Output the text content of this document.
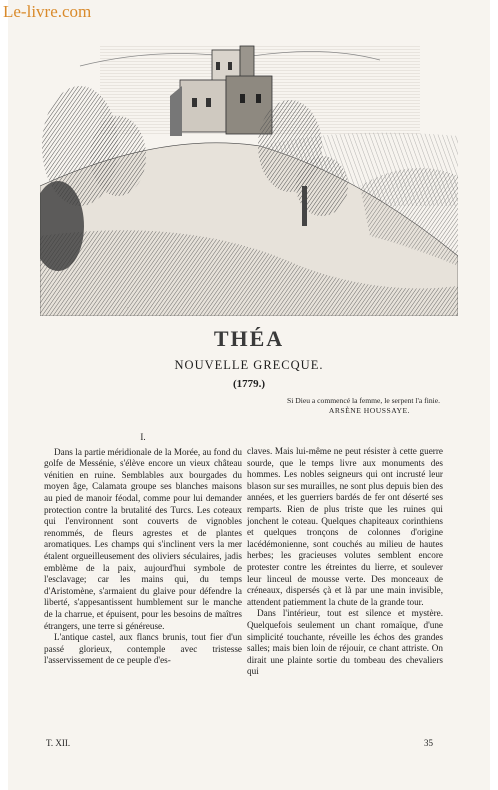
Le-livre.com
THÉA
NOUVELLE GRECQUE.
(1779.)
Si Dieu a commencé la femme, le serpent l'a finie.
ARSÈNE HOUSSAYE.
I.

Dans la partie méridionale de la Morée, au fond du golfe de Messénie, s'élève encore un vieux château vénitien en ruine. Semblables aux bourgades du moyen âge, Calamata groupe ses blanches maisons au pied de manoir féodal, comme pour lui demander protection contre la brutalité des Turcs. Les coteaux qui l'environnent sont couverts de vignobles renommés, de fleurs agrestes et de plantes aromatiques. Les champs qui s'inclinent vers la mer étalent orgueilleusement des oliviers séculaires, jadis emblème de la paix, aujourd'hui symbole de l'esclavage; car les mains qui, du temps d'Aristomène, s'armaient du glaive pour défendre la liberté, s'appesantissent humblement sur le manche de la charrue, et épuisent, pour les besoins de maîtres étrangers, une terre si généreuse.

L'antique castel, aux flancs brunis, tout fier d'un passé glorieux, contemple avec tristesse l'asservissement de ce peuple d'es-

claves. Mais lui-même ne peut résister à cette guerre sourde, que le temps livre aux monuments des hommes. Les nobles seigneurs qui ont incrusté leur blason sur ses murailles, ne sont plus depuis bien des années, et les guerriers bardés de fer ont déserté ses remparts. Rien de plus triste que les ruines qui jonchent le coteau. Quelques chapiteaux corinthiens et quelques tronçons de colonnes d'origine lacédémonienne, sont couchés au milieu de hautes herbes; les gracieuses volutes semblent encore protester contre les étreintes du lierre, et soulever leur linceul de mousse verte. Des monceaux de créneaux, dispersés çà et là par une main invisible, attendent patiemment la chute de la grande tour.

Dans l'intérieur, tout est silence et mystère. Quelquefois seulement un chant romaïque, d'une simplicité touchante, réveille les échos des grandes salles; mais bien loin de réjouir, ce chant attriste. On dirait une plainte sortie du tombeau des chevaliers qui

T. XII.	35
